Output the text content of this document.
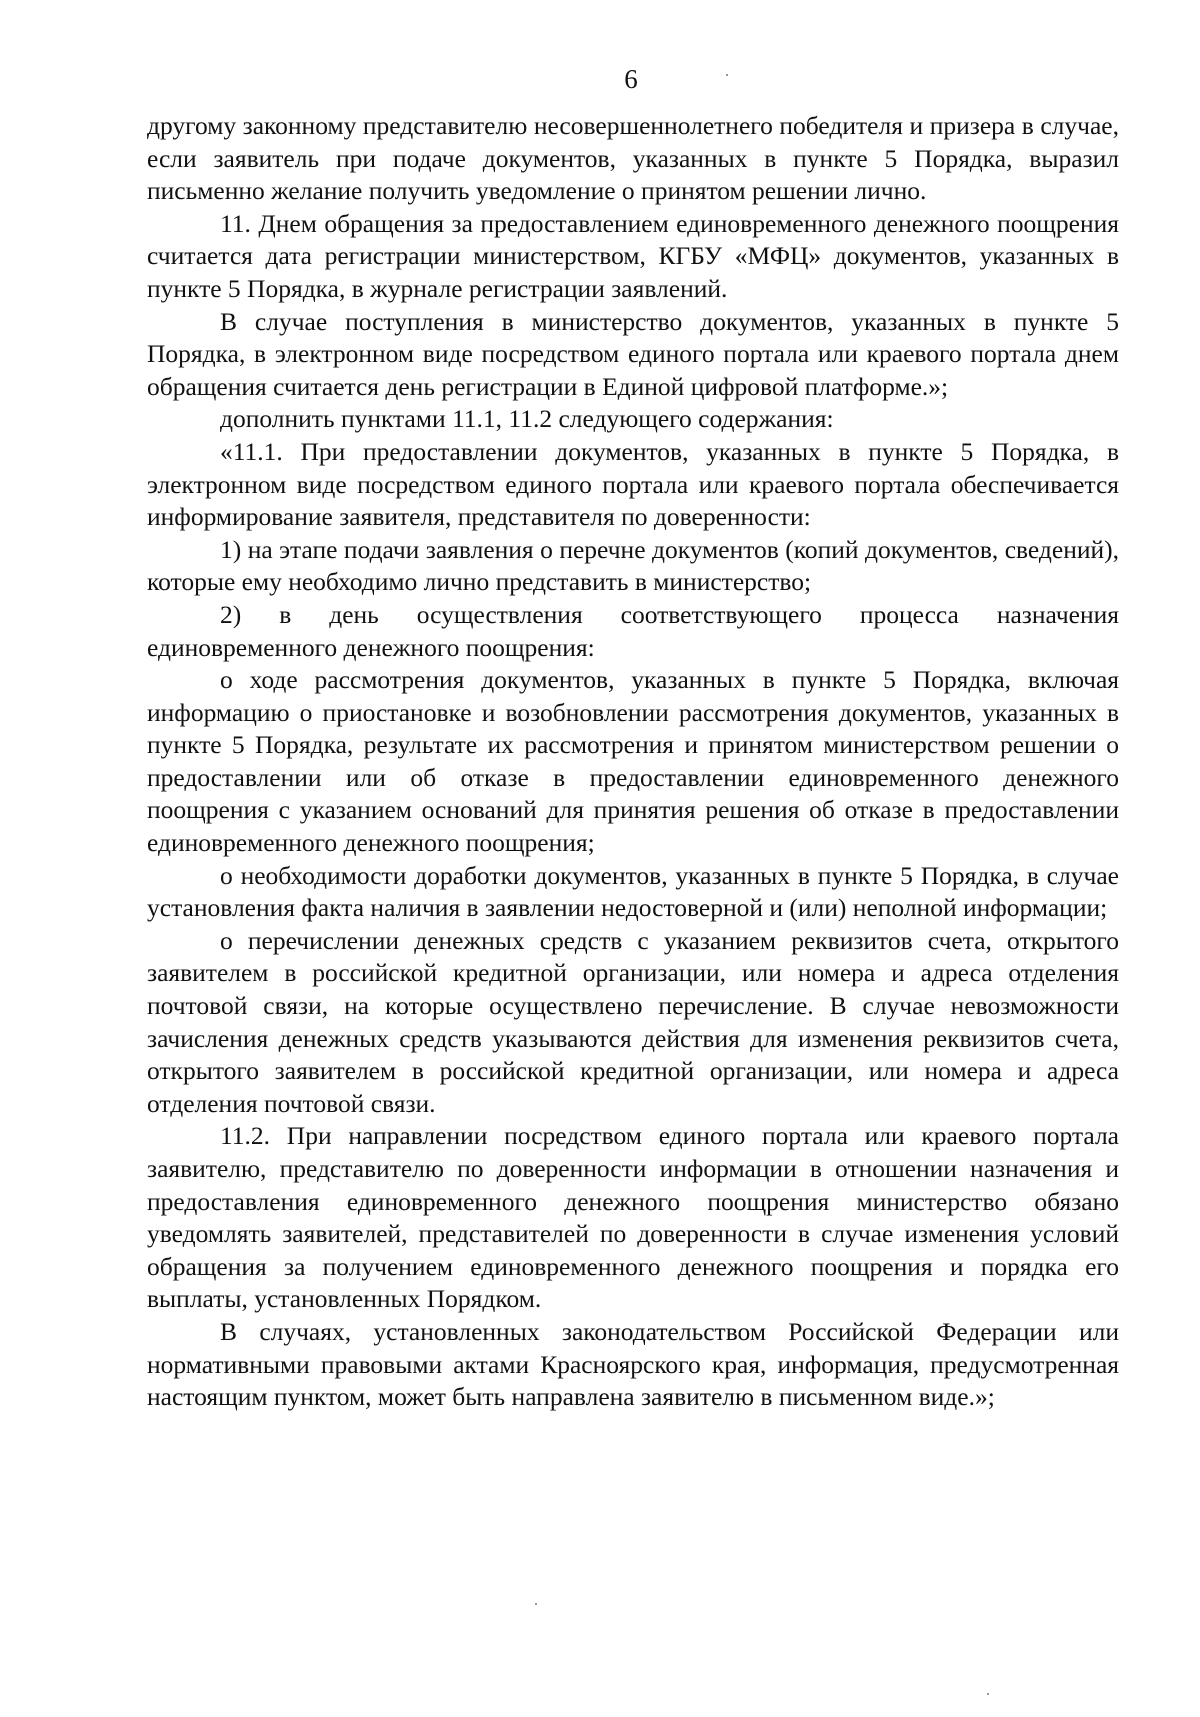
6

другому законному представителю несовершеннолетнего победителя и призера в случае, если заявитель при подаче документов, указанных в пункте 5 Порядка, выразил письменно желание получить уведомление о принятом решении лично.

11. Днем обращения за предоставлением единовременного денежного поощрения считается дата регистрации министерством, КГБУ «МФЦ» документов, указанных в пункте 5 Порядка, в журнале регистрации заявлений.

В случае поступления в министерство документов, указанных в пункте 5 Порядка, в электронном виде посредством единого портала или краевого портала днем обращения считается день регистрации в Единой цифровой платформе.»;

дополнить пунктами 11.1, 11.2 следующего содержания:

«11.1. При предоставлении документов, указанных в пункте 5 Порядка, в электронном виде посредством единого портала или краевого портала обеспечивается информирование заявителя, представителя по доверенности:

1) на этапе подачи заявления о перечне документов (копий документов, сведений), которые ему необходимо лично представить в министерство;

2) в день осуществления соответствующего процесса назначения единовременного денежного поощрения:

о ходе рассмотрения документов, указанных в пункте 5 Порядка, включая информацию о приостановке и возобновлении рассмотрения документов, указанных в пункте 5 Порядка, результате их рассмотрения и принятом министерством решении о предоставлении или об отказе в предоставлении единовременного денежного поощрения с указанием оснований для принятия решения об отказе в предоставлении единовременного денежного поощрения;

о необходимости доработки документов, указанных в пункте 5 Порядка, в случае установления факта наличия в заявлении недостоверной и (или) неполной информации;

о перечислении денежных средств с указанием реквизитов счета, открытого заявителем в российской кредитной организации, или номера и адреса отделения почтовой связи, на которые осуществлено перечисление. В случае невозможности зачисления денежных средств указываются действия для изменения реквизитов счета, открытого заявителем в российской кредитной организации, или номера и адреса отделения почтовой связи.

11.2. При направлении посредством единого портала или краевого портала заявителю, представителю по доверенности информации в отношении назначения и предоставления единовременного денежного поощрения министерство обязано уведомлять заявителей, представителей по доверенности в случае изменения условий обращения за получением единовременного денежного поощрения и порядка его выплаты, установленных Порядком.

В случаях, установленных законодательством Российской Федерации или нормативными правовыми актами Красноярского края, информация, предусмотренная настоящим пунктом, может быть направлена заявителю в письменном виде.»;
